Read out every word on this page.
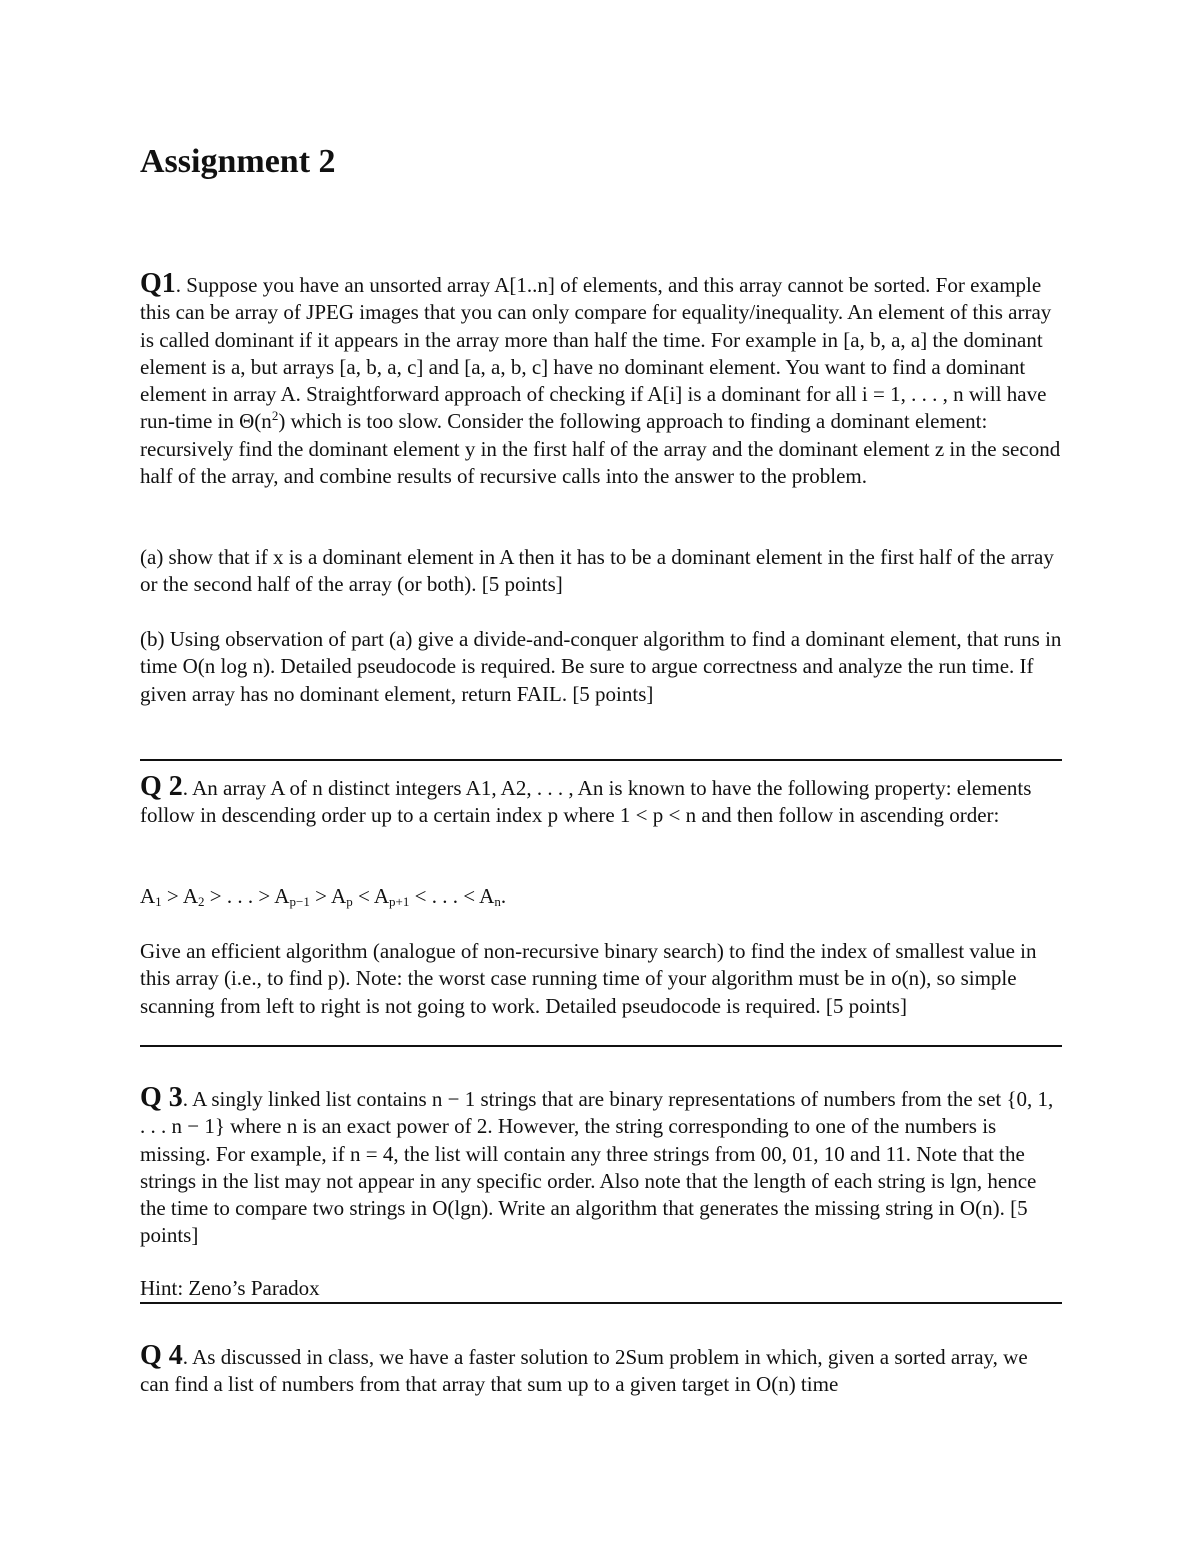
Assignment 2

Q1. Suppose you have an unsorted array A[1..n] of elements, and this array cannot be sorted. For example this can be array of JPEG images that you can only compare for equality/inequality. An element of this array is called dominant if it appears in the array more than half the time. For example in [a, b, a, a] the dominant element is a, but arrays [a, b, a, c] and [a, a, b, c] have no dominant element. You want to find a dominant element in array A. Straightforward approach of checking if A[i] is a dominant for all i = 1, . . . , n will have run-time in $\Theta(n^2)$ which is too slow. Consider the following approach to finding a dominant element: recursively find the dominant element y in the first half of the array and the dominant element z in the second half of the array, and combine results of recursive calls into the answer to the problem.

(a) show that if x is a dominant element in A then it has to be a dominant element in the first half of the array or the second half of the array (or both). [5 points]

(b) Using observation of part (a) give a divide-and-conquer algorithm to find a dominant element, that runs in time O(n log n). Detailed pseudocode is required. Be sure to argue correctness and analyze the run time. If given array has no dominant element, return FAIL. [5 points]

Q 2. An array A of n distinct integers A1, A2, . . . , An is known to have the following property: elements follow in descending order up to a certain index p where 1 < p < n and then follow in ascending order:

$A_1 > A_2$ > . . . > $A_{p-1} > A_p < A_{p+1}$ < . . . < $A_n$.

Give an efficient algorithm (analogue of non-recursive binary search) to find the index of smallest value in this array (i.e., to find p). Note: the worst case running time of your algorithm must be in o(n), so simple scanning from left to right is not going to work. Detailed pseudocode is required. [5 points]

Q 3. A singly linked list contains n − 1 strings that are binary representations of numbers from the set {0, 1, . . . n − 1} where n is an exact power of 2. However, the string corresponding to one of the numbers is missing. For example, if n = 4, the list will contain any three strings from 00, 01, 10 and 11. Note that the strings in the list may not appear in any specific order. Also note that the length of each string is lgn, hence the time to compare two strings in O(lgn). Write an algorithm that generates the missing string in O(n). [5 points]

Hint: Zeno’s Paradox

Q 4. As discussed in class, we have a faster solution to 2Sum problem in which, given a sorted array, we can find a list of numbers from that array that sum up to a given target in O(n) time
